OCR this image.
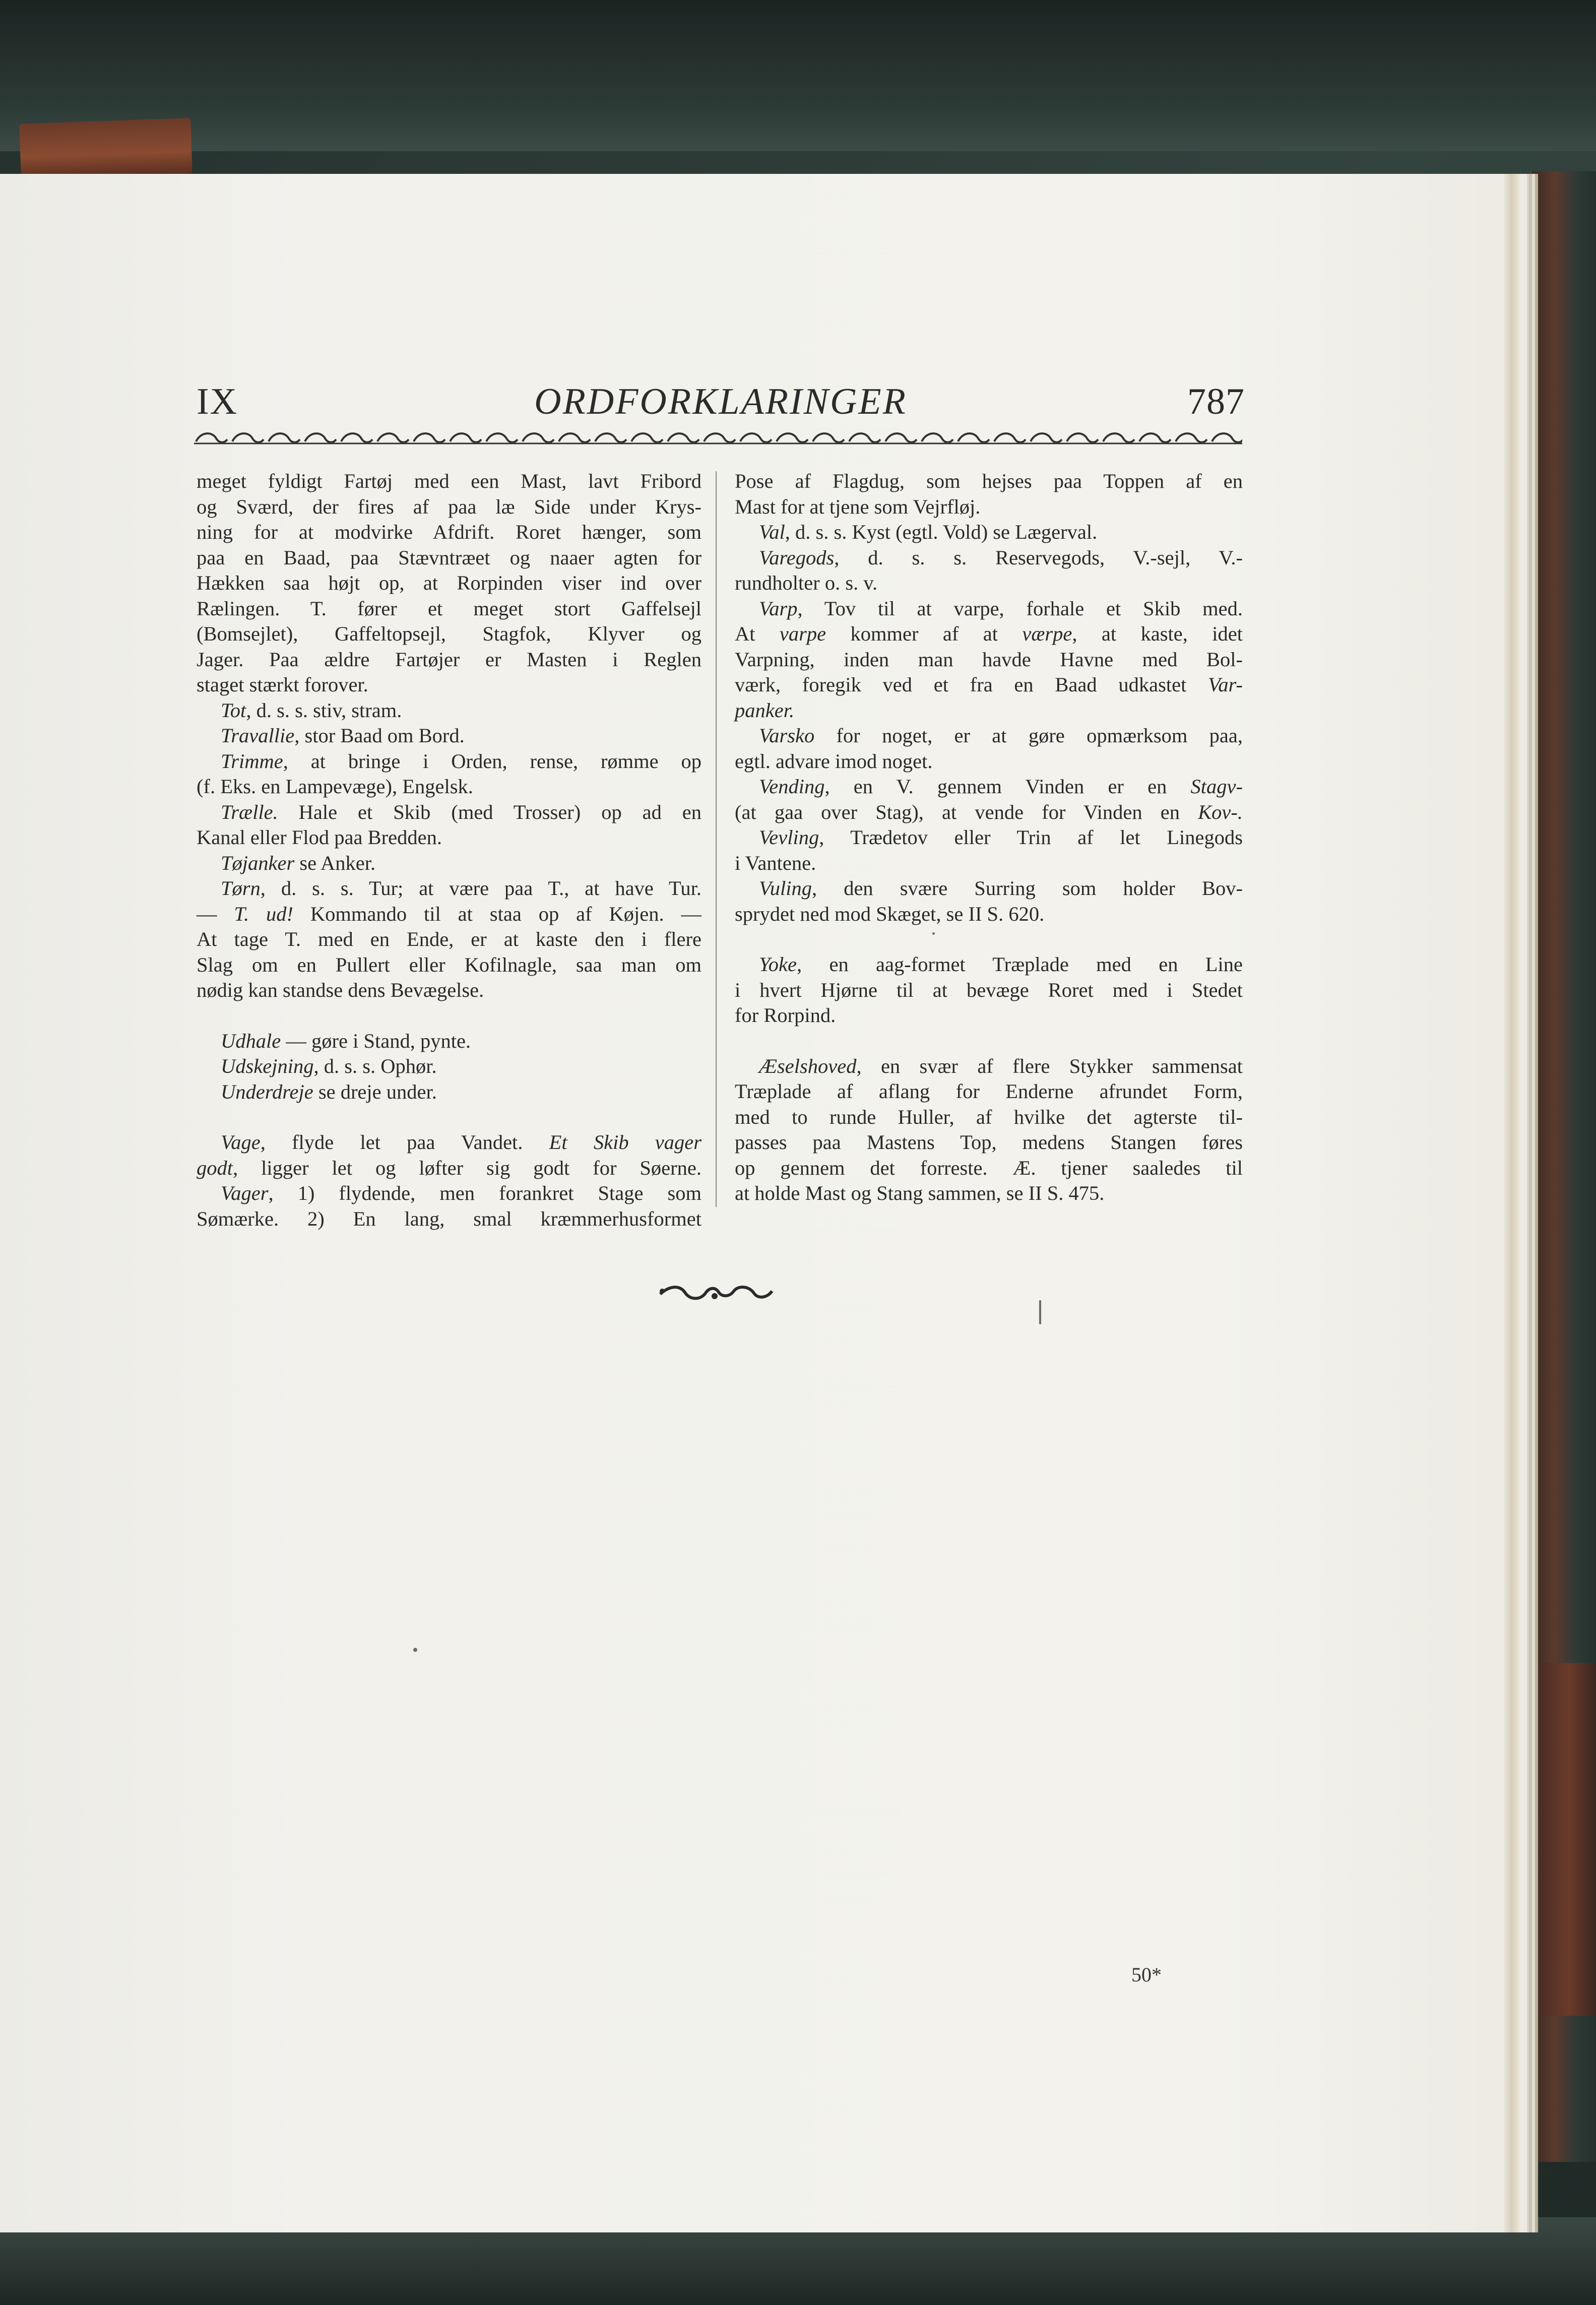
IX	ORDFORKLARINGER	787
meget fyldigt Fartøj med een Mast, lavt Fribord
og Sværd, der fires af paa læ Side under Krys-
ning for at modvirke Afdrift. Roret hænger, som
paa en Baad, paa Stævntræet og naaer agten for
Hækken saa højt op, at Rorpinden viser ind over
Rælingen. T. fører et meget stort Gaffelsejl
(Bomsejlet), Gaffeltopsejl, Stagfok, Klyver og
Jager. Paa ældre Fartøjer er Masten i Reglen
staget stærkt forover.
Tot, d. s. s. stiv, stram.
Travallie, stor Baad om Bord.
Trimme, at bringe i Orden, rense, rømme op
(f. Eks. en Lampevæge), Engelsk.
Trælle. Hale et Skib (med Trosser) op ad en
Kanal eller Flod paa Bredden.
Tøjanker se Anker.
Tørn, d. s. s. Tur; at være paa T., at have Tur.
— T. ud! Kommando til at staa op af Køjen. —
At tage T. med en Ende, er at kaste den i flere
Slag om en Pullert eller Kofilnagle, saa man om
nødig kan standse dens Bevægelse.
Udhale — gøre i Stand, pynte.
Udskejning, d. s. s. Ophør.
Underdreje se dreje under.
Vage, flyde let paa Vandet. Et Skib vager
godt, ligger let og løfter sig godt for Søerne.
Vager, 1) flydende, men forankret Stage som
Sømærke. 2) En lang, smal kræmmerhusformet
Pose af Flagdug, som hejses paa Toppen af en
Mast for at tjene som Vejrfløj.
Val, d. s. s. Kyst (egtl. Vold) se Lægerval.
Varegods, d. s. s. Reservegods, V.-sejl, V.-
rundholter o. s. v.
Varp, Tov til at varpe, forhale et Skib med.
At varpe kommer af at værpe, at kaste, idet
Varpning, inden man havde Havne med Bol-
værk, foregik ved et fra en Baad udkastet Var-
panker.
Varsko for noget, er at gøre opmærksom paa,
egtl. advare imod noget.
Vending, en V. gennem Vinden er en Stagv-
(at gaa over Stag), at vende for Vinden en Kov-.
Vevling, Trædetov eller Trin af let Linegods
i Vantene.
Vuling, den svære Surring som holder Bov-
sprydet ned mod Skæget, se II S. 620.
Yoke, en aag-formet Træplade med en Line
i hvert Hjørne til at bevæge Roret med i Stedet
for Rorpind.
Æselshoved, en svær af flere Stykker sammensat
Træplade af aflang for Enderne afrundet Form,
med to runde Huller, af hvilke det agterste til-
passes paa Mastens Top, medens Stangen føres
op gennem det forreste. Æ. tjener saaledes til
at holde Mast og Stang sammen, se II S. 475.
50*
